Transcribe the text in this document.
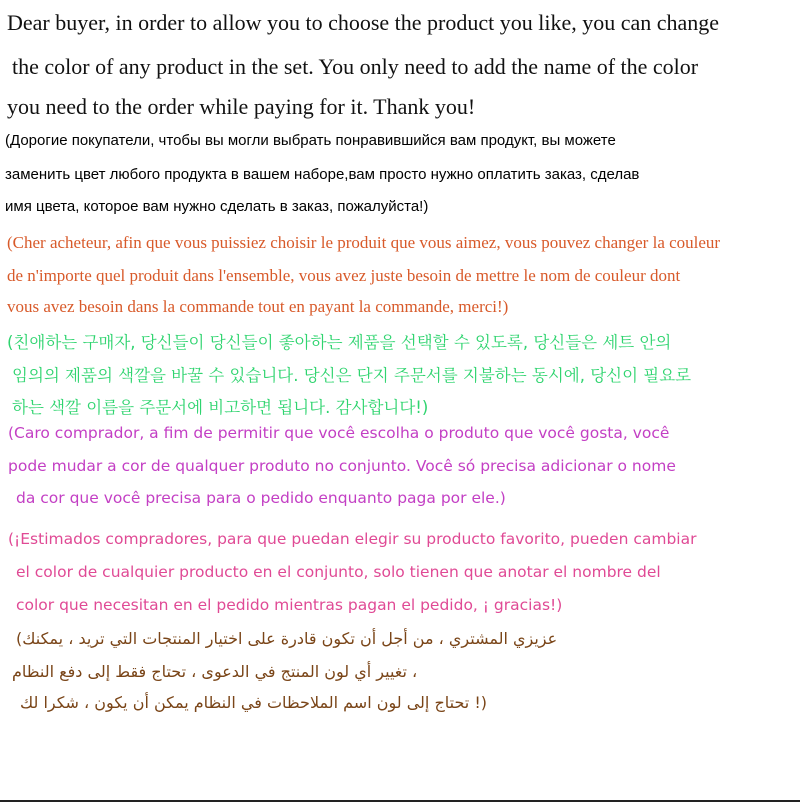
Dear buyer, in order to allow you to choose the product you like, you can change

the color of any product in the set. You only need to add the name of the color

you need to the order while paying for it. Thank you!

(Дорогие покупатели, чтобы вы могли выбрать понравившийся вам продукт, вы можете

заменить цвет любого продукта в вашем наборе,вам просто нужно оплатить заказ, сделав

имя цвета, которое вам нужно сделать в заказ, пожалуйста!)

(Cher acheteur, afin que vous puissiez choisir le produit que vous aimez, vous pouvez changer la couleur

de n'importe quel produit dans l'ensemble, vous avez juste besoin de mettre le nom de couleur dont

vous avez besoin dans la commande tout en payant la commande, merci!)

(친애하는 구매자, 당신들이 당신들이 좋아하는 제품을 선택할 수 있도록, 당신들은 세트 안의

임의의 제품의 색깔을 바꿀 수 있습니다. 당신은 단지 주문서를 지불하는 동시에, 당신이 필요로

하는 색깔 이름을 주문서에 비고하면 됩니다. 감사합니다!)

(Caro comprador, a fim de permitir que você escolha o produto que você gosta, você

pode mudar a cor de qualquer produto no conjunto. Você só precisa adicionar o nome

da cor que você precisa para o pedido enquanto paga por ele.)

(¡Estimados compradores, para que puedan elegir su producto favorito, pueden cambiar

el color de cualquier producto en el conjunto, solo tienen que anotar el nombre del

color que necesitan en el pedido mientras pagan el pedido, ¡ gracias!)

(عزيزي المشتري ، من أجل أن تكون قادرة على اختيار المنتجات التي تريد ، يمكنك

تغيير أي لون المنتج في الدعوى ، تحتاج فقط إلى دفع النظام ،

تحتاج إلى لون اسم الملاحظات في النظام يمكن أن يكون ، شكرا لك !)
